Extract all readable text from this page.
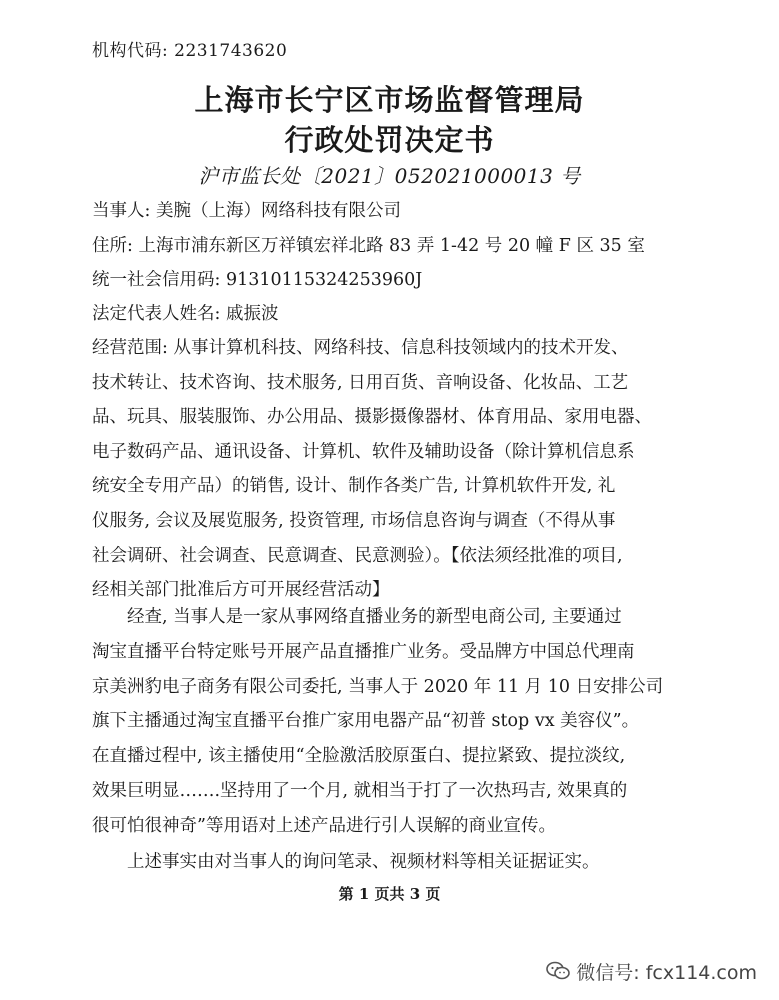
机构代码: 2231743620
上海市长宁区市场监督管理局
行政处罚决定书
沪市监长处〔2021〕052021000013 号
当事人: 美腕（上海）网络科技有限公司
住所: 上海市浦东新区万祥镇宏祥北路 83 弄 1-42 号 20 幢 F 区 35 室
统一社会信用码: 91310115324253960J
法定代表人姓名: 戚振波
经营范围: 从事计算机科技、网络科技、信息科技领域内的技术开发、
技术转让、技术咨询、技术服务, 日用百货、音响设备、化妆品、工艺
品、玩具、服装服饰、办公用品、摄影摄像器材、体育用品、家用电器、
电子数码产品、通讯设备、计算机、软件及辅助设备（除计算机信息系
统安全专用产品）的销售, 设计、制作各类广告, 计算机软件开发, 礼
仪服务, 会议及展览服务, 投资管理, 市场信息咨询与调查（不得从事
社会调研、社会调查、民意调查、民意测验）。【依法须经批准的项目,
经相关部门批准后方可开展经营活动】
经查, 当事人是一家从事网络直播业务的新型电商公司, 主要通过
淘宝直播平台特定账号开展产品直播推广业务。受品牌方中国总代理南
京美洲豹电子商务有限公司委托, 当事人于 2020 年 11 月 10 日安排公司
旗下主播通过淘宝直播平台推广家用电器产品“初普 stop vx 美容仪”。
在直播过程中, 该主播使用“全脸激活胶原蛋白、提拉紧致、提拉淡纹,
效果巨明显…….坚持用了一个月, 就相当于打了一次热玛吉, 效果真的
很可怕很神奇”等用语对上述产品进行引人误解的商业宣传。
上述事实由对当事人的询问笔录、视频材料等相关证据证实。
第 1 页共 3 页
微信号: fcx114.com
